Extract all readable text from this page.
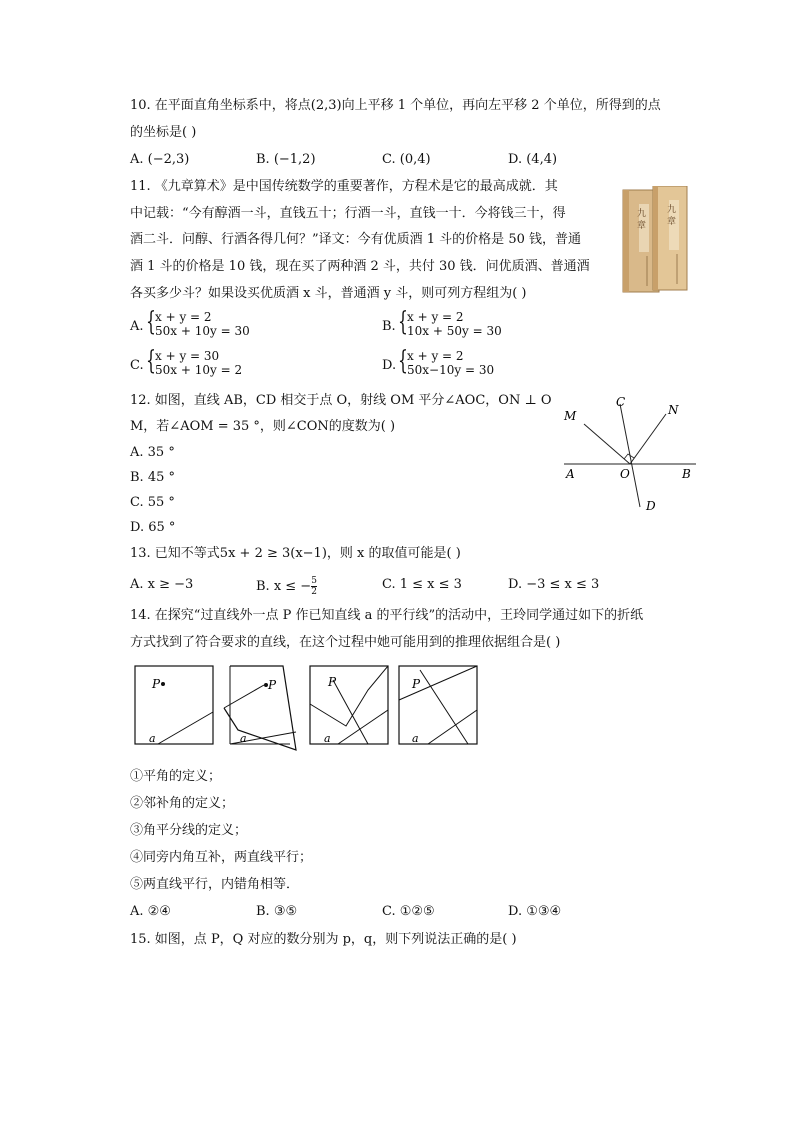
10. 在平面直角坐标系中，将点(2,3)向上平移 1 个单位，再向左平移 2 个单位，所得到的点
的坐标是( )
A. (−2,3)	B. (−1,2)	C. (0,4)	D. (4,4)
11. 《九章算术》是中国传统数学的重要著作，方程术是它的最高成就．其
中记载：“今有醇酒一斗，直钱五十；行酒一斗，直钱一十．今将钱三十，得
酒二斗．问醇、行酒各得几何？”译文：今有优质酒 1 斗的价格是 50 钱，普通
酒 1 斗的价格是 10 钱，现在买了两种酒 2 斗，共付 30 钱．问优质酒、普通酒
各买多少斗？如果设买优质酒 x 斗，普通酒 y 斗，则可列方程组为( )
九
章
九
章
A. { x + y = 2
50x + 10y = 30	B. { x + y = 2
10x + 50y = 30
C. { x + y = 30
50x + 10y = 2	D. { x + y = 2
50x−10y = 30
12. 如图，直线 AB，CD 相交于点 O，射线 OM 平分∠AOC，ON ⊥ O
M，若∠AOM = 35 °，则∠CON的度数为( )
A. 35 °
B. 45 °
C. 55 °
D. 65 °
M
C
N
A	O	B
D
13. 已知不等式5x + 2 ≥ 3(x−1)，则 x 的取值可能是( )
A. x ≥ −3	B. x ≤ − $\frac{5}{2}$	C. 1 ≤ x ≤ 3	D. −3 ≤ x ≤ 3
14. 在探究“过直线外一点 P 作已知直线 a 的平行线”的活动中，王玲同学通过如下的折纸
方式找到了符合要求的直线，在这个过程中她可能用到的推理依据组合是( )
P
a
P
a
P
a
P
a
①平角的定义；
②邻补角的定义；
③角平分线的定义；
④同旁内角互补，两直线平行；
⑤两直线平行，内错角相等．
A. ②④	B. ③⑤	C. ①②⑤	D. ①③④
15. 如图，点 P，Q 对应的数分别为 p，q，则下列说法正确的是( )
